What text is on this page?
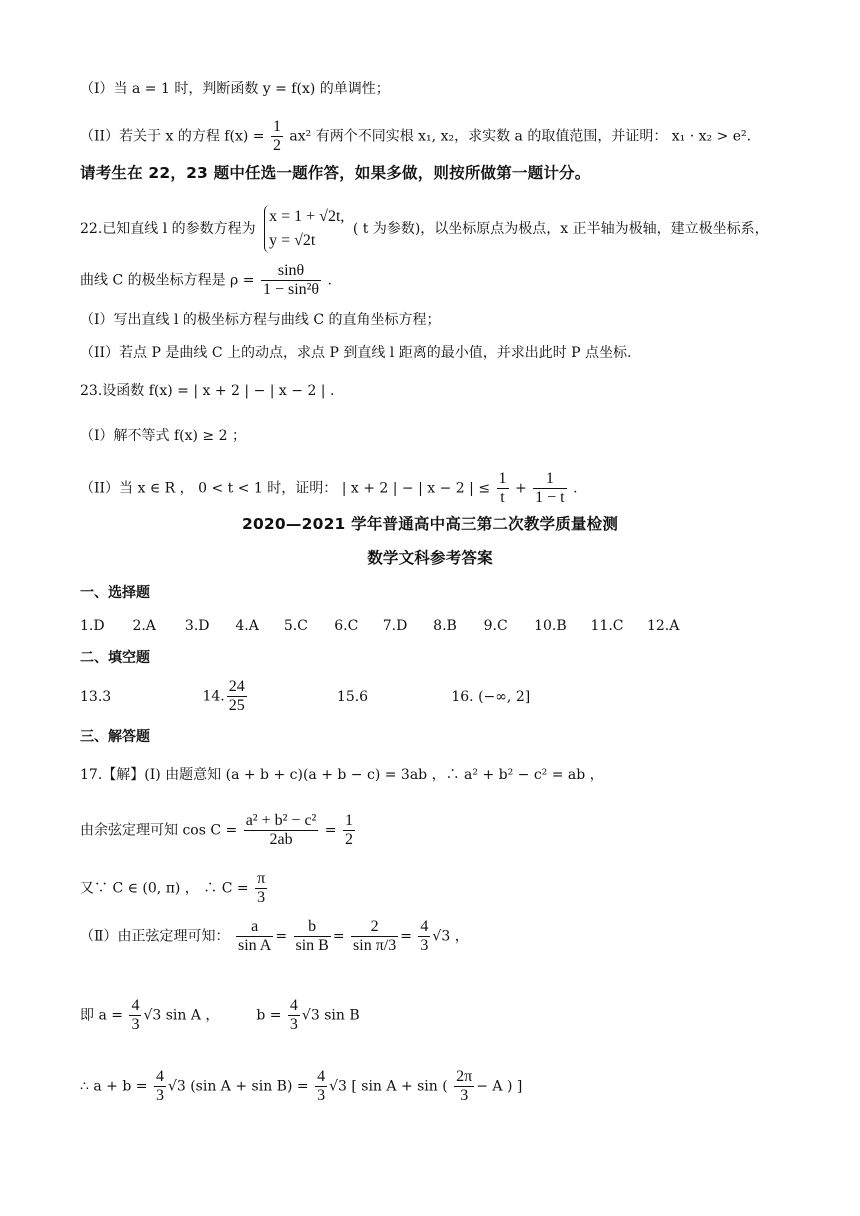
（I）当 a = 1 时，判断函数 y = f(x) 的单调性；
（II）若关于 x 的方程 $f(x) = \frac{1}{2} ax^2$ 有两个不同实根 x₁, x₂，求实数 a 的取值范围，并证明： x₁ · x₂ > e².
请考生在 22，23 题中任选一题作答，如果多做，则按所做第一题计分。
22.已知直线 l 的参数方程为
x = 1 + √2t,
y = √2t
( t 为参数)，以坐标原点为极点，x 正半轴为极轴，建立极坐标系，
曲线 C 的极坐标方程是 $\rho = \frac{\sin\theta}{\text{1 − sin²θ}}$ .
（I）写出直线 l 的极坐标方程与曲线 C 的直角坐标方程；
（II）若点 P 是曲线 C 上的动点，求点 P 到直线 l 距离的最小值，并求出此时 P 点坐标.
23.设函数 f(x) = | x + 2 | − | x − 2 | .
（I）解不等式 f(x) ≥ 2 ；
（II）当 x ∈ R ， 0 < t < 1 时，证明： | x + 2 | − | x − 2 | ≤ $\frac{1}{t} + \frac{1}{1 - t}$ .
2020—2021 学年普通高中高三第二次教学质量检测
数学文科参考答案
一、选择题
1.D 2.A 3.D 4.A 5.C 6.C 7.D 8.B 9.C 10.B 11.C 12.A
二、填空题
13.3	14. $\frac{24}{25}$	15.6	16. (−∞, 2]
三、解答题
17.【解】(Ⅰ) 由题意知 (a + b + c)(a + b − c) = 3ab ，∴ a² + b² − c² = ab ，
由余弦定理可知 $\cos C = \frac{\text{a² + b² − c²}}{2ab} = \frac{1}{2}$
又∵ C ∈ (0, π) ， ∴ $C = \frac{\pi}{3}$
（Ⅱ）由正弦定理可知： $\frac{a}{\text{sin A}} = \frac{b}{\text{sin B}} = \frac{2}{\text{sin π/3}} = \frac{4}{3} √3$ ，
即 $a = \frac{4}{3} √3$ sin A ，	$b = \frac{4}{3} √3$ sin B
∴ $a + b = \frac{4}{3} √3$ (sin $A + \sin B) = \frac{4}{3} √3$ [ sin A + sin ( $\frac{2\pi}{3} - A$ ) ]
